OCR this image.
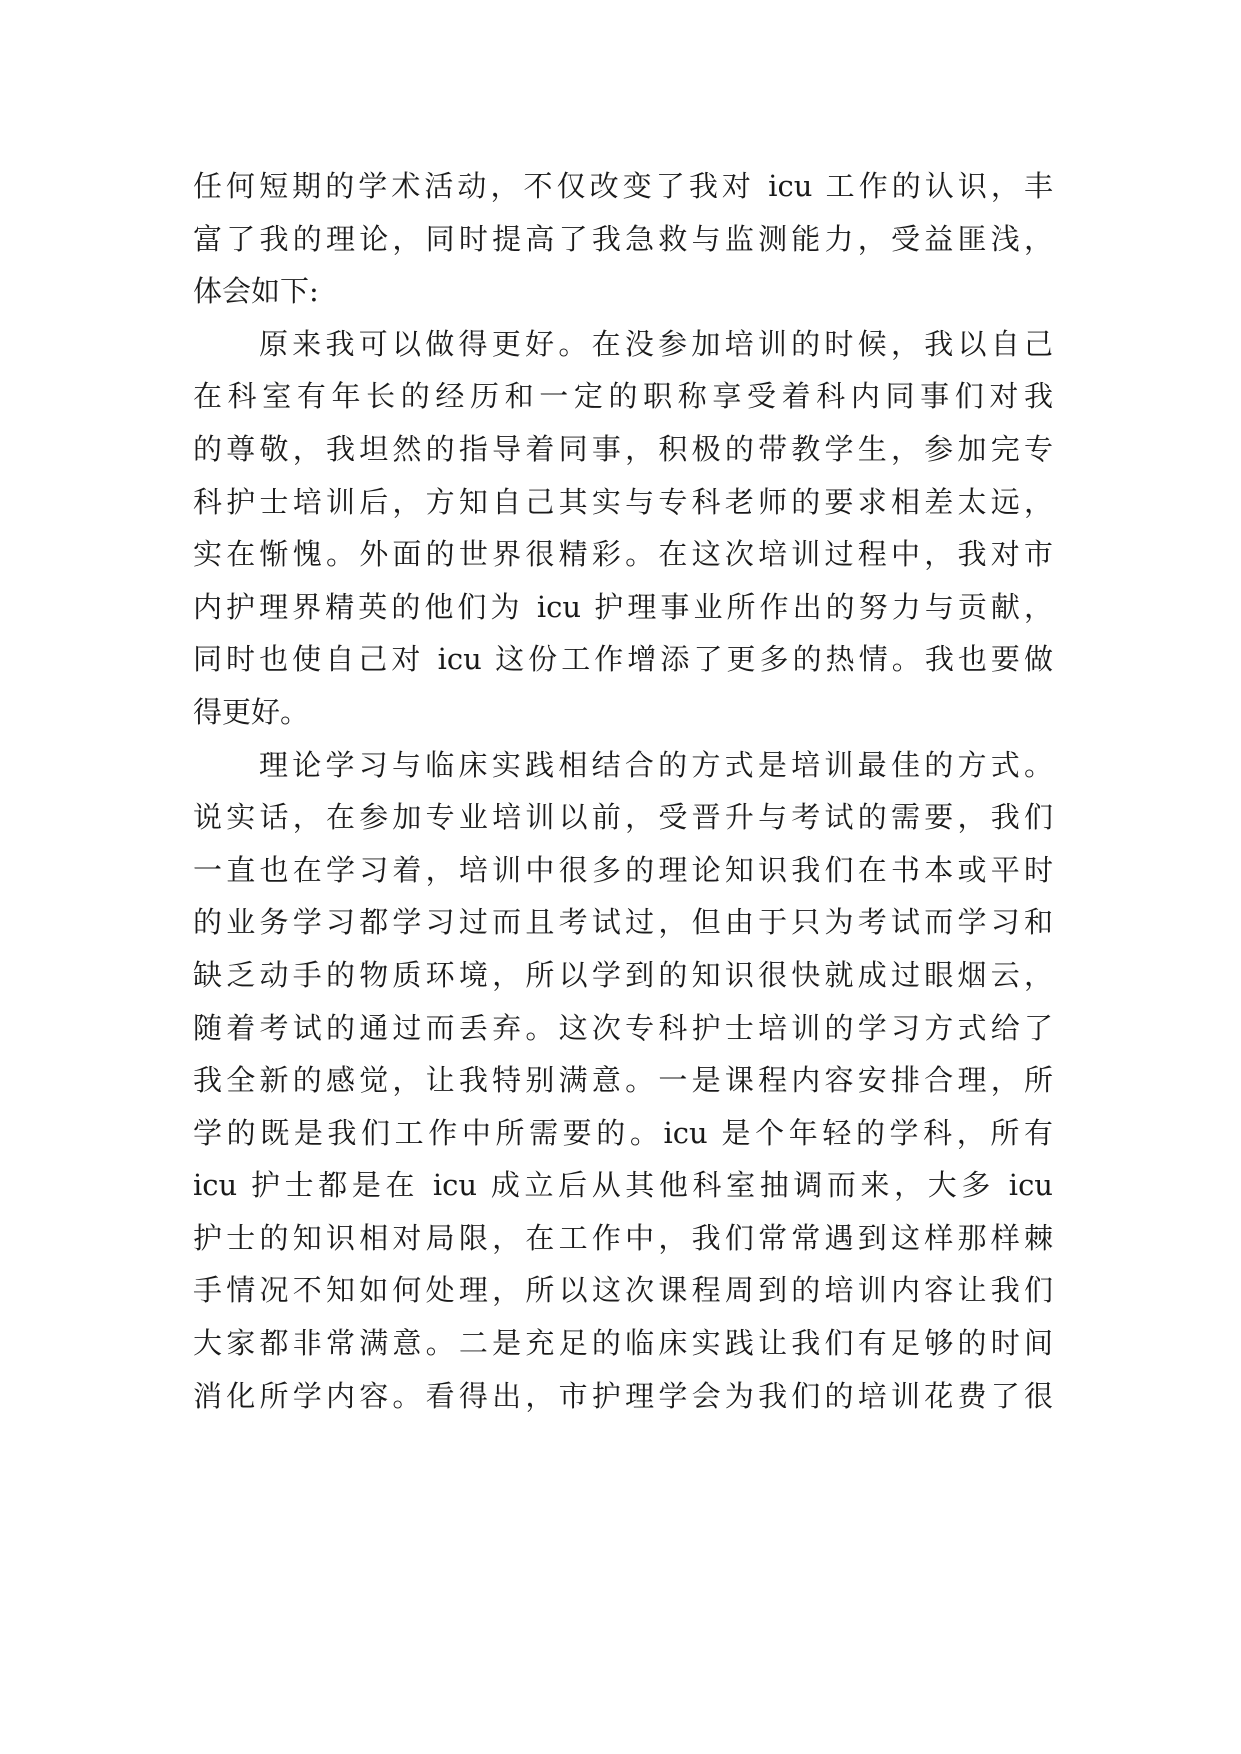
任何短期的学术活动，不仅改变了我对 icu 工作的认识，丰
富了我的理论，同时提高了我急救与监测能力，受益匪浅，
体会如下:
原来我可以做得更好。在没参加培训的时候，我以自己
在科室有年长的经历和一定的职称享受着科内同事们对我
的尊敬，我坦然的指导着同事，积极的带教学生，参加完专
科护士培训后，方知自己其实与专科老师的要求相差太远，
实在惭愧。外面的世界很精彩。在这次培训过程中，我对市
内护理界精英的他们为 icu 护理事业所作出的努力与贡献，
同时也使自己对 icu 这份工作增添了更多的热情。我也要做
得更好。
理论学习与临床实践相结合的方式是培训最佳的方式。
说实话，在参加专业培训以前，受晋升与考试的需要，我们
一直也在学习着，培训中很多的理论知识我们在书本或平时
的业务学习都学习过而且考试过，但由于只为考试而学习和
缺乏动手的物质环境，所以学到的知识很快就成过眼烟云，
随着考试的通过而丢弃。这次专科护士培训的学习方式给了
我全新的感觉，让我特别满意。一是课程内容安排合理，所
学的既是我们工作中所需要的。icu 是个年轻的学科，所有
icu 护士都是在 icu 成立后从其他科室抽调而来，大多 icu
护士的知识相对局限，在工作中，我们常常遇到这样那样棘
手情况不知如何处理，所以这次课程周到的培训内容让我们
大家都非常满意。二是充足的临床实践让我们有足够的时间
消化所学内容。看得出，市护理学会为我们的培训花费了很
